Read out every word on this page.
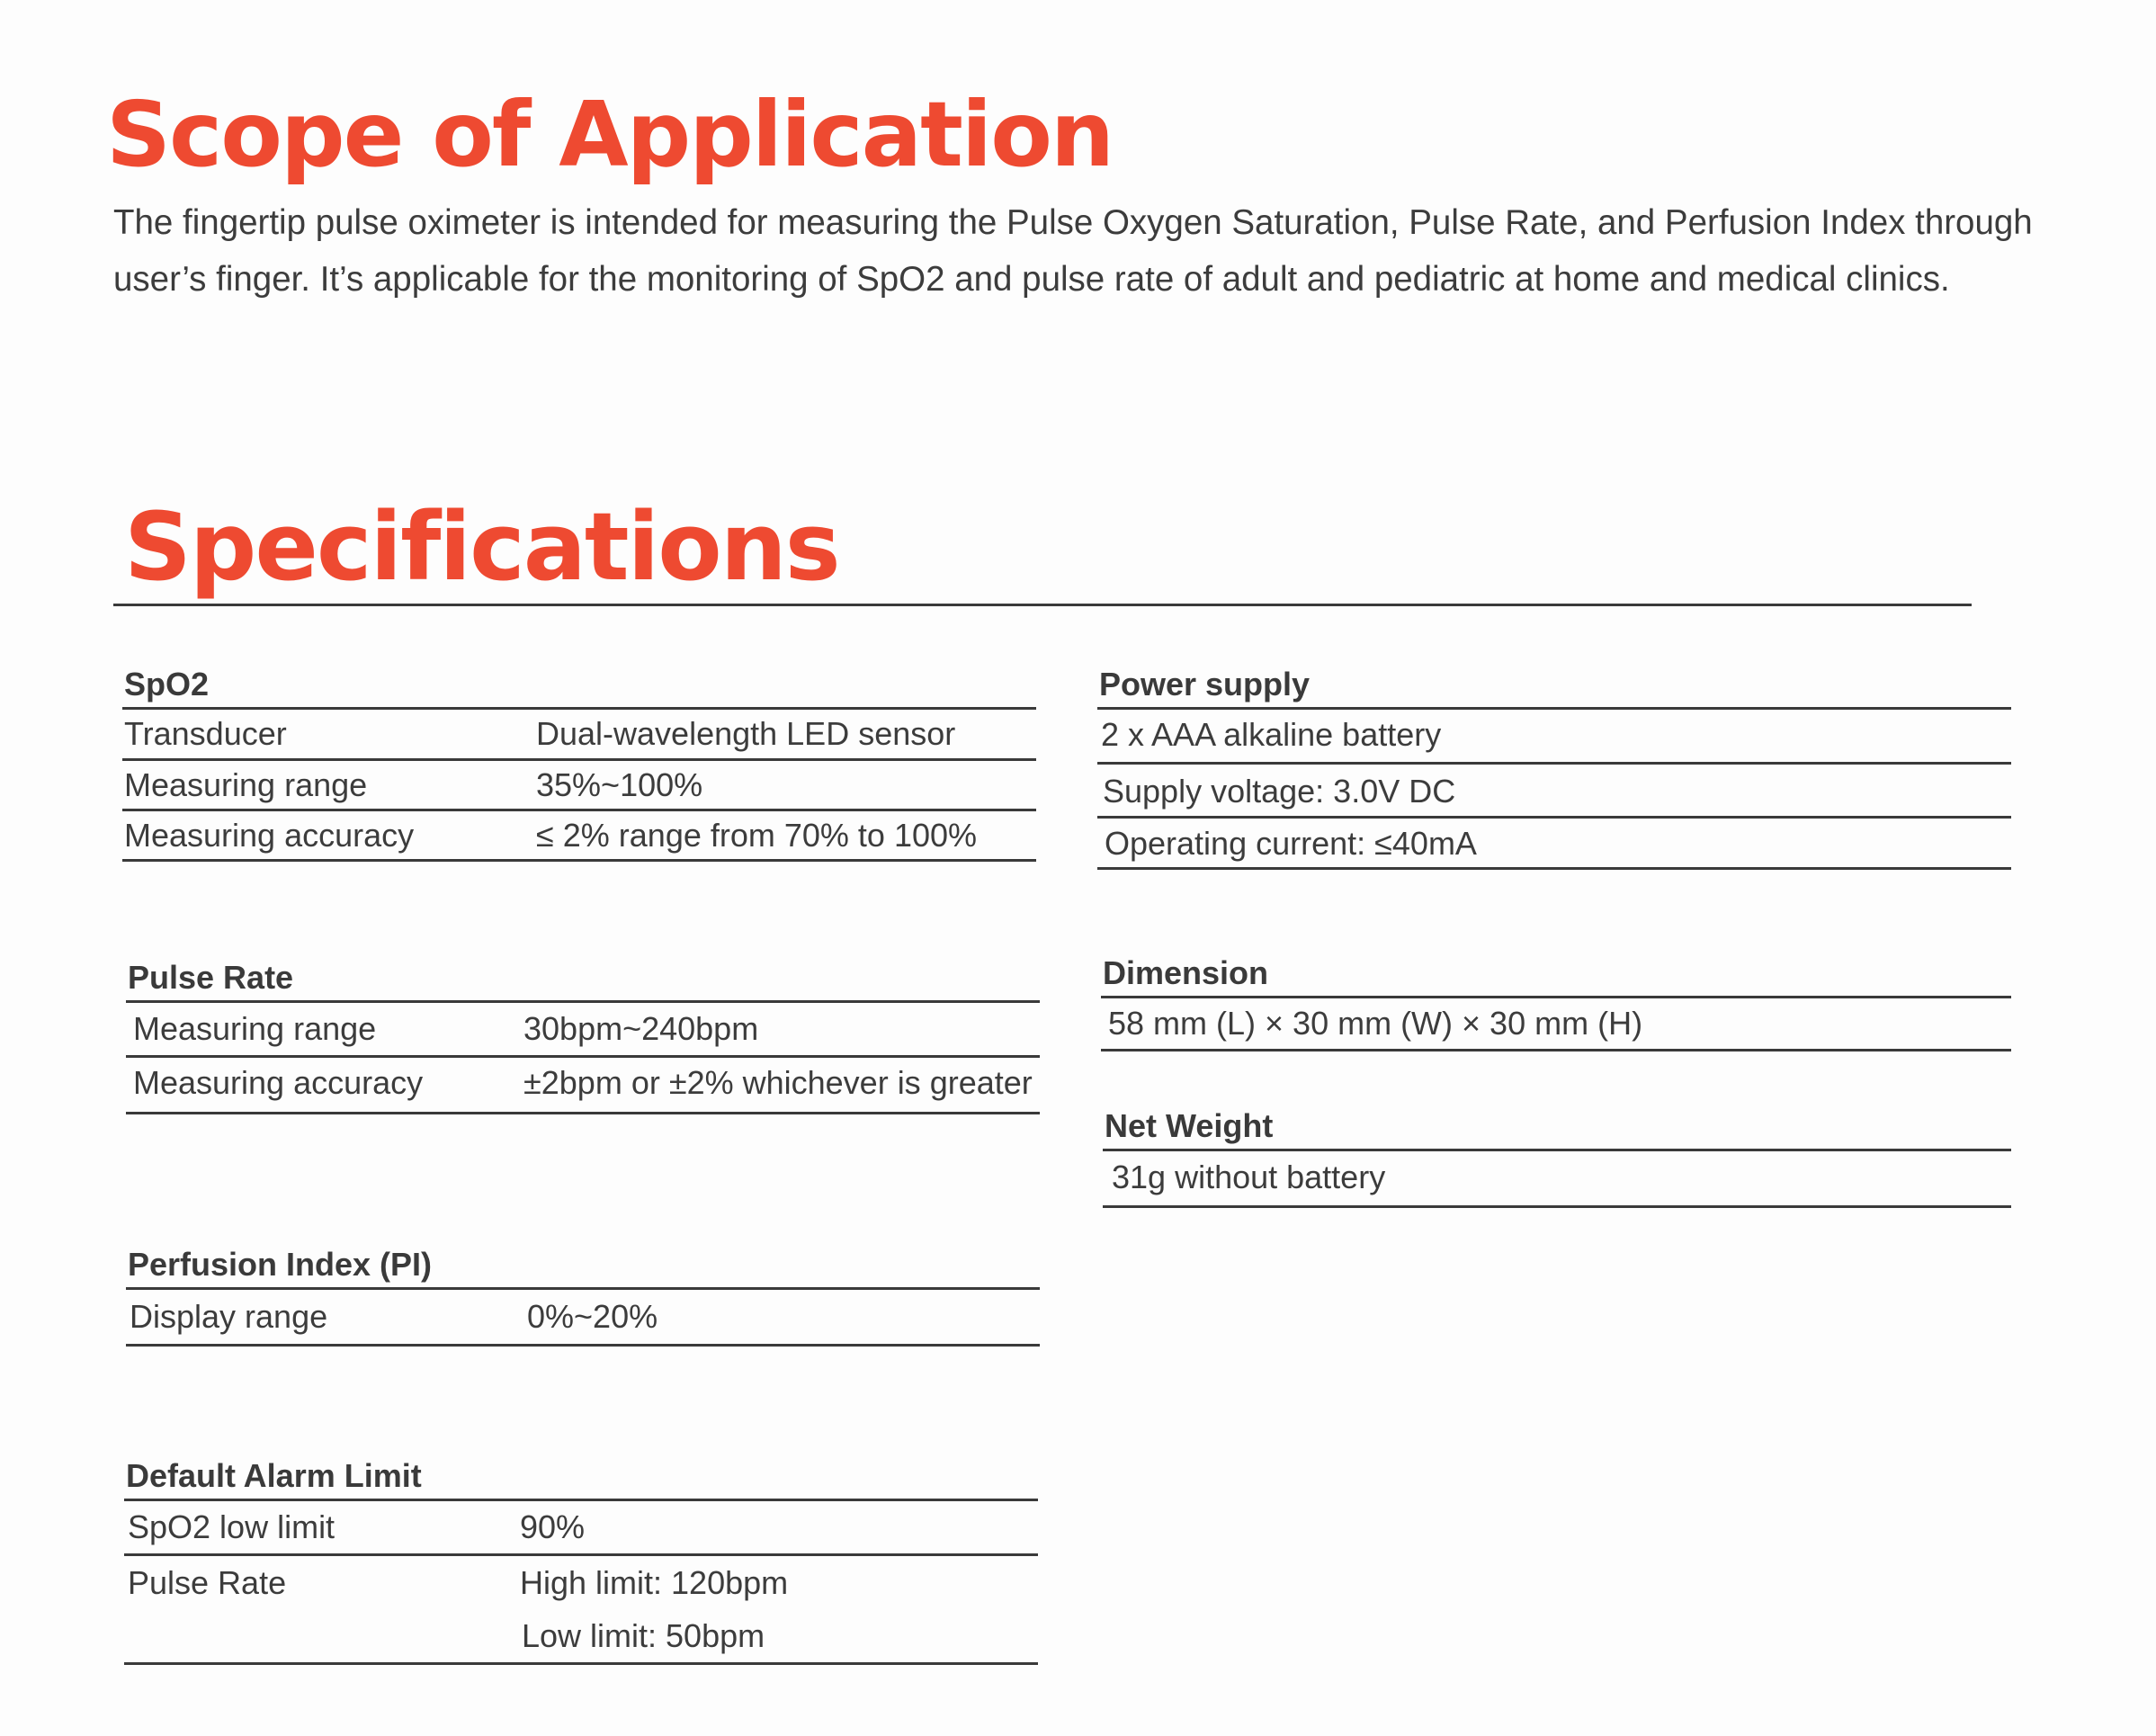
Scope of Application

The fingertip pulse oximeter is intended for measuring the Pulse Oxygen Saturation, Pulse Rate, and Perfusion Index through user’s finger. It’s applicable for the monitoring of SpO2 and pulse rate of adult and pediatric at home and medical clinics.

Specifications
SpO2
Transducer	Dual-wavelength LED sensor
Measuring range	35%~100%
Measuring accuracy	≤ 2% range from 70% to 100%
Pulse Rate
Measuring range	30bpm~240bpm
Measuring accuracy	±2bpm or ±2% whichever is greater
Perfusion Index (PI)
Display range	0%~20%
Default Alarm Limit
SpO2 low limit	90%
Pulse Rate	High limit: 120bpm
Low limit: 50bpm
Power supply
2 x AAA alkaline battery
Supply voltage: 3.0V DC
Operating current: ≤40mA
Dimension
58 mm (L) × 30 mm (W) × 30 mm (H)
Net Weight
31g without battery
